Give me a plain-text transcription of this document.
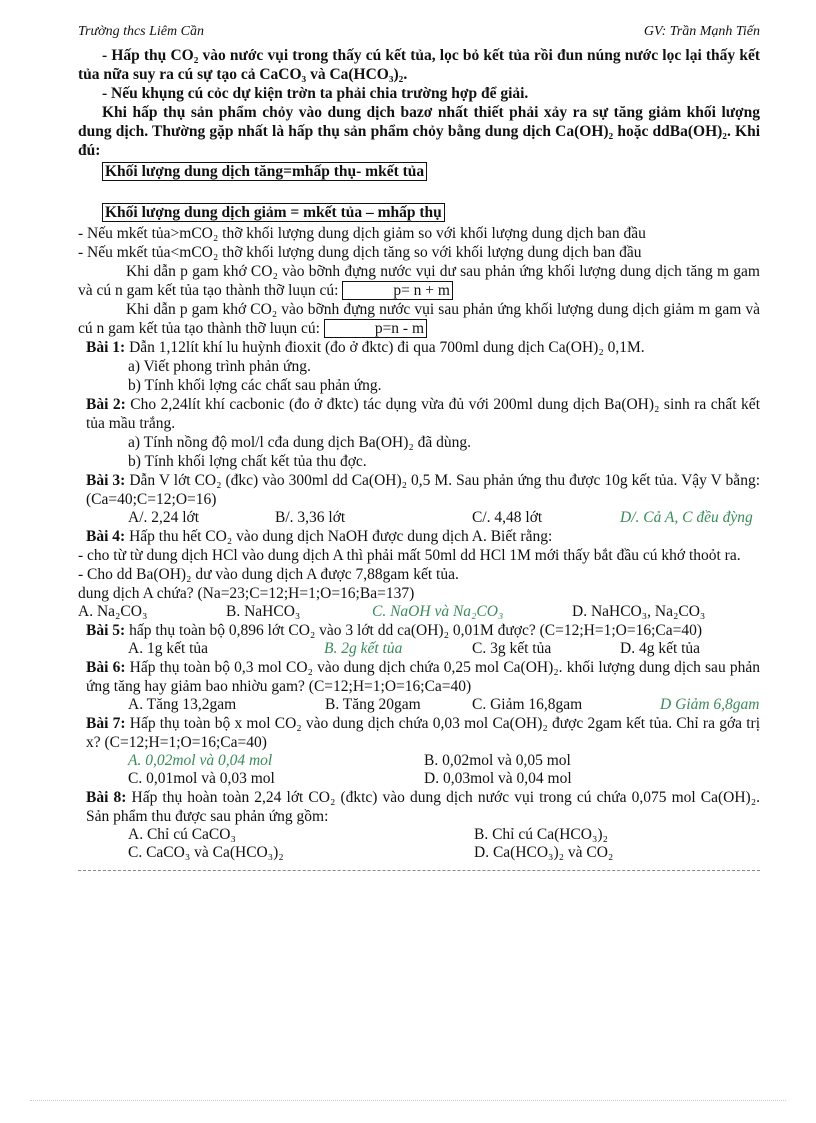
Trường thcs Liêm Cần	GV: Trần Mạnh Tiến

- Hấp thụ CO₂ vào nước vụi trong thấy cú kết tủa, lọc bỏ kết tủa rồi đun núng nước lọc lại thấy kết tủa nữa suy ra cú sự tạo cả CaCO₃ và Ca(HCO₃)₂.

- Nếu khụng cú cỏc dự kiện trờn ta phải chia trường hợp để giải.

Khi hấp thụ sản phẩm chỏy vào dung dịch bazơ nhất thiết phải xảy ra sự tăng giảm khối lượng dung dịch. Thường gặp nhất là hấp thụ sản phẩm chỏy bằng dung dịch Ca(OH)₂ hoặc ddBa(OH)₂. Khi đú:

Khối lượng dung dịch tăng=mhấp thụ- mkết tủa
Khối lượng dung dịch giảm = mkết tủa – mhấp thụ

- Nếu mkết tủa>mCO₂ thỡ khối lượng dung dịch giảm so với khối lượng dung dịch ban đầu

- Nếu mkết tủa<mCO₂ thỡ khối lượng dung dịch tăng so với khối lượng dung dịch ban đầu

Khi dẫn p gam khớ CO₂ vào bỡnh đựng nước vụi dư sau phản ứng khối lượng dung dịch tăng m gam và cú n gam kết tủa tạo thành thỡ luụn cú:	p= n + m

Khi dẫn p gam khớ CO₂ vào bỡnh đựng nước vụi sau phản ứng khối lượng dung dịch giảm m gam và cú n gam kết tủa tạo thành thỡ luụn cú:	p=n - m

Bài 1: Dẫn 1,12lít khí lu huỳnh đioxit (đo ở đktc) đi qua 700ml dung dịch Ca(OH)₂ 0,1M.

a) Viết phong trình phản ứng.

b) Tính khối lợng các chất sau phản ứng.

Bài 2: Cho 2,24lít khí cacbonic (đo ở đktc) tác dụng vừa đủ với 200ml dung dịch Ba(OH)₂ sinh ra chất kết tủa mầu trắng.

a) Tính nồng độ mol/l cđa dung dịch Ba(OH)₂ đã dùng.

b) Tính khối lợng chất kết tủa thu đợc.

Bài 3: Dẫn V lớt CO₂ (đkc) vào 300ml dd Ca(OH)₂ 0,5 M. Sau phản ứng thu được 10g kết tủa. Vậy V bằng: (Ca=40;C=12;O=16)

A/. 2,24 lớt	B/. 3,36 lớt	C/. 4,48 lớt	D/. Cả A, C đều đỳng

Bài 4: Hấp thu hết CO₂ vào dung dịch NaOH được dung dịch A. Biết rằng:

- cho từ từ dung dịch HCl vào dung dịch A thì phải mất 50ml dd HCl 1M mới thấy bắt đầu cú khớ thoỏt ra.

- Cho dd Ba(OH)₂ dư vào dung dịch A được 7,88gam kết tủa.

dung dịch A chứa? (Na=23;C=12;H=1;O=16;Ba=137)

A. Na₂CO₃	B. NaHCO₃	C. NaOH và Na₂CO₃	D. NaHCO₃, Na₂CO₃

Bài 5: hấp thụ toàn bộ 0,896 lớt CO₂ vào 3 lớt dd ca(OH)₂ 0,01M được? (C=12;H=1;O=16;Ca=40)

A. 1g kết tủa	B. 2g kết tủa	C. 3g kết tủa	D. 4g kết tủa

Bài 6: Hấp thụ toàn bộ 0,3 mol CO₂ vào dung dịch chứa 0,25 mol Ca(OH)₂. khối lượng dung dịch sau phản ứng tăng hay giảm bao nhiờu gam? (C=12;H=1;O=16;Ca=40)

A. Tăng 13,2gam	B. Tăng 20gam	C. Giảm 16,8gam	D Giảm 6,8gam

Bài 7: Hấp thụ toàn bộ x mol CO₂ vào dung dịch chứa 0,03 mol Ca(OH)₂ được 2gam kết tủa. Chỉ ra gớa trị x? (C=12;H=1;O=16;Ca=40)

A. 0,02mol và 0,04 mol	B. 0,02mol và 0,05 mol
C. 0,01mol và 0,03 mol	D. 0,03mol và 0,04 mol

Bài 8: Hấp thụ hoàn toàn 2,24 lớt CO₂ (đktc) vào dung dịch nước vụi trong cú chứa 0,075 mol Ca(OH)₂. Sản phẩm thu được sau phản ứng gồm:

A. Chỉ cú CaCO₃	B. Chỉ cú Ca(HCO₃)₂
C. CaCO₃ và Ca(HCO₃)₂	D. Ca(HCO₃)₂ và CO₂
